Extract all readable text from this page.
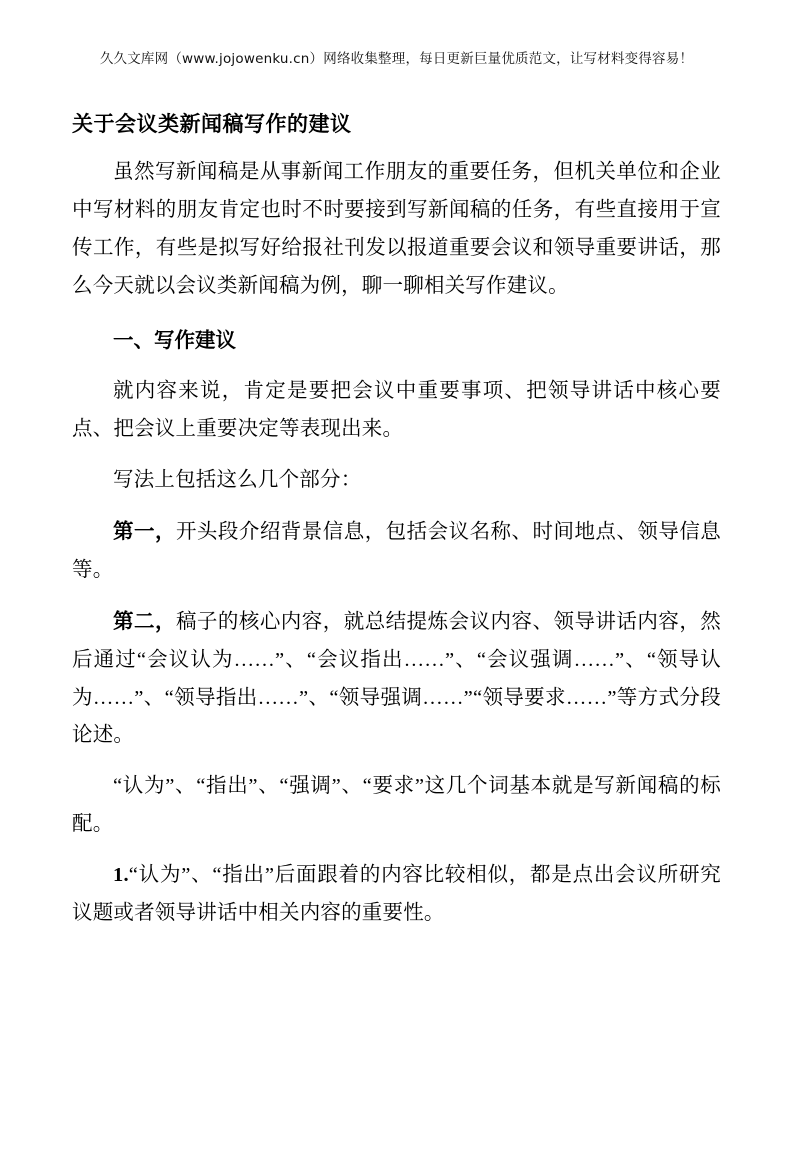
久久文库网（www.jojowenku.cn）网络收集整理，每日更新巨量优质范文，让写材料变得容易！
关于会议类新闻稿写作的建议

虽然写新闻稿是从事新闻工作朋友的重要任务，但机关单位和企业中写材料的朋友肯定也时不时要接到写新闻稿的任务，有些直接用于宣传工作，有些是拟写好给报社刊发以报道重要会议和领导重要讲话，那么今天就以会议类新闻稿为例，聊一聊相关写作建议。

一、写作建议

就内容来说，肯定是要把会议中重要事项、把领导讲话中核心要点、把会议上重要决定等表现出来。

写法上包括这么几个部分：

第一，开头段介绍背景信息，包括会议名称、时间地点、领导信息等。

第二，稿子的核心内容，就总结提炼会议内容、领导讲话内容，然后通过“会议认为……”、“会议指出……”、“会议强调……”、“领导认为……”、“领导指出……”、“领导强调……”“领导要求……”等方式分段论述。

“认为”、“指出”、“强调”、“要求”这几个词基本就是写新闻稿的标配。

1.“认为”、“指出”后面跟着的内容比较相似，都是点出会议所研究议题或者领导讲话中相关内容的重要性。
